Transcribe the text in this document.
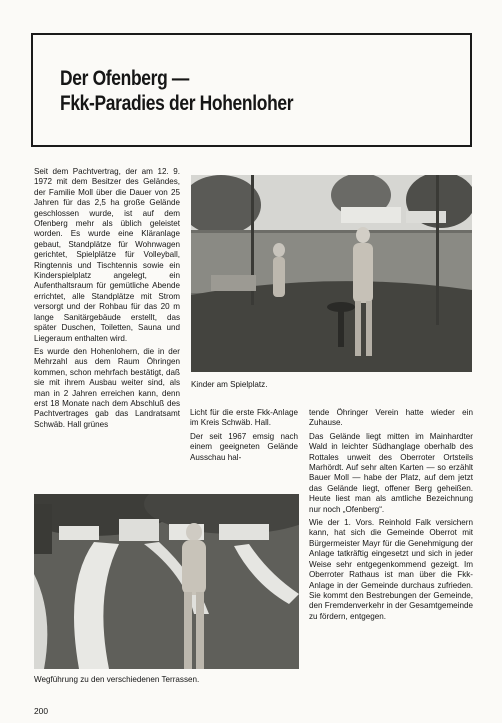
Der Ofenberg —
Fkk-Paradies der Hohenloher

Seit dem Pachtvertrag, der am 12. 9. 1972 mit dem Besitzer des Geländes, der Familie Moll über die Dauer von 25 Jahren für das 2,5 ha große Gelände geschlossen wurde, ist auf dem Ofenberg mehr als üblich geleistet worden. Es wurde eine Kläranlage gebaut, Standplätze für Wohnwagen gerichtet, Spielplätze für Volleyball, Ringtennis und Tischtennis sowie ein Kinderspielplatz angelegt, ein Aufenthaltsraum für gemütliche Abende errichtet, alle Standplätze mit Strom versorgt und der Rohbau für das 20 m lange Sanitärgebäude erstellt, das später Duschen, Toiletten, Sauna und Liegeraum enthalten wird.

Es wurde den Hohenlohern, die in der Mehrzahl aus dem Raum Öhringen kommen, schon mehrfach bestätigt, daß sie mit ihrem Ausbau weiter sind, als man in 2 Jahren erreichen kann, denn erst 18 Monate nach dem Abschluß des Pachtvertrages gab das Landratsamt Schwäb. Hall grünes

Kinder am Spielplatz.

Licht für die erste Fkk-Anlage im Kreis Schwäb. Hall.

Der seit 1967 emsig nach einem geeigneten Gelände Ausschau hal-

tende Öhringer Verein hatte wieder ein Zuhause.

Das Gelände liegt mitten im Mainhardter Wald in leichter Südhanglage oberhalb des Rottales unweit des Oberroter Ortsteils Marhördt. Auf sehr alten Karten — so erzählt Bauer Moll — habe der Platz, auf dem jetzt das Gelände liegt, offener Berg geheißen. Heute liest man als amtliche Bezeichnung nur noch „Ofenberg“.

Wie der 1. Vors. Reinhold Falk versichern kann, hat sich die Gemeinde Oberrot mit Bürgermeister Mayr für die Genehmigung der Anlage tatkräftig eingesetzt und sich in jeder Weise sehr entgegenkommend gezeigt. Im Oberroter Rathaus ist man über die Fkk-Anlage in der Gemeinde durchaus zufrieden. Sie kommt den Bestrebungen der Gemeinde, den Fremdenverkehr in der Gesamtgemeinde zu fördern, entgegen.

Wegführung zu den verschiedenen Terrassen.

200
